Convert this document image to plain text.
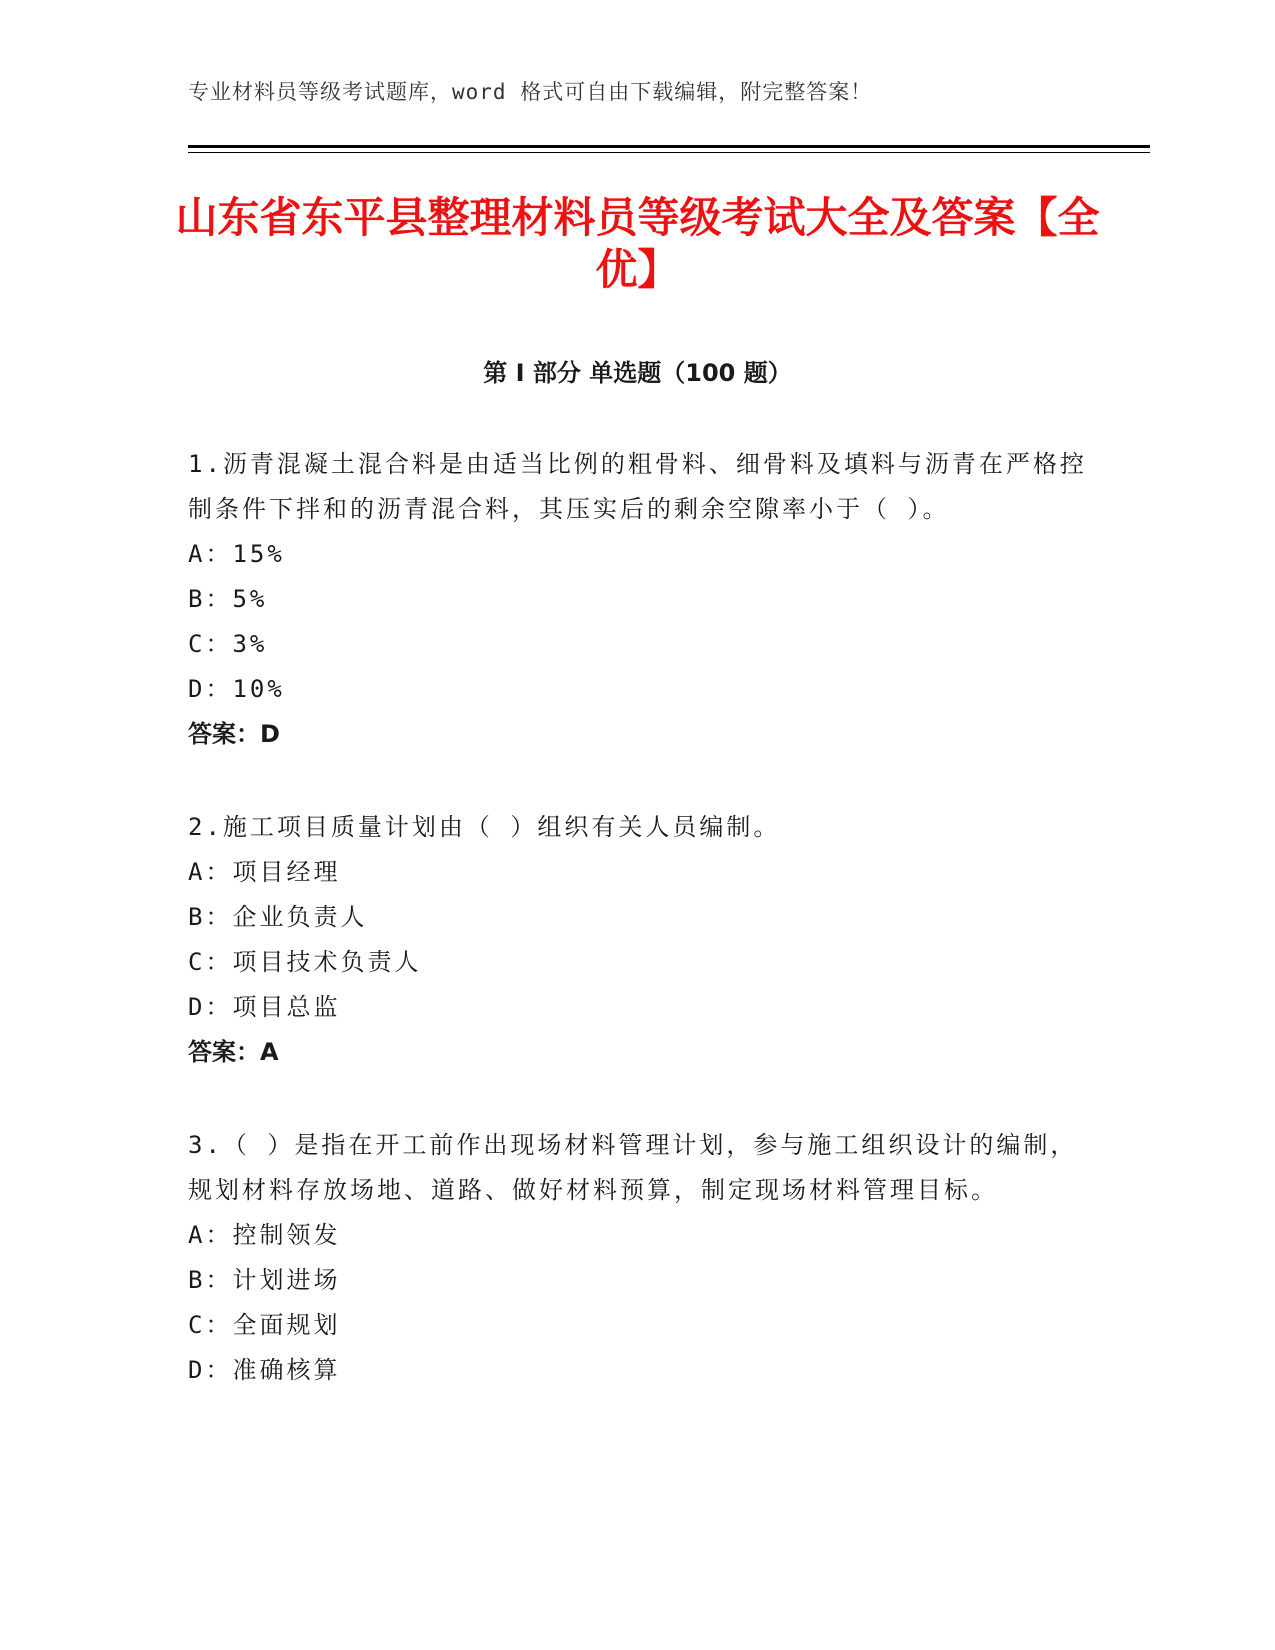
专业材料员等级考试题库，word 格式可自由下载编辑，附完整答案！
山东省东平县整理材料员等级考试大全及答案【全优】
第 I 部分 单选题（100 题）

1.沥青混凝土混合料是由适当比例的粗骨料、细骨料及填料与沥青在严格控制条件下拌和的沥青混合料，其压实后的剩余空隙率小于（ ）。

A：15%

B：5%

C：3%

D：10%

答案：D

2.施工项目质量计划由（ ）组织有关人员编制。

A：项目经理

B：企业负责人

C：项目技术负责人

D：项目总监

答案：A

3.（ ）是指在开工前作出现场材料管理计划，参与施工组织设计的编制，规划材料存放场地、道路、做好材料预算，制定现场材料管理目标。

A：控制领发

B：计划进场

C：全面规划

D：准确核算
